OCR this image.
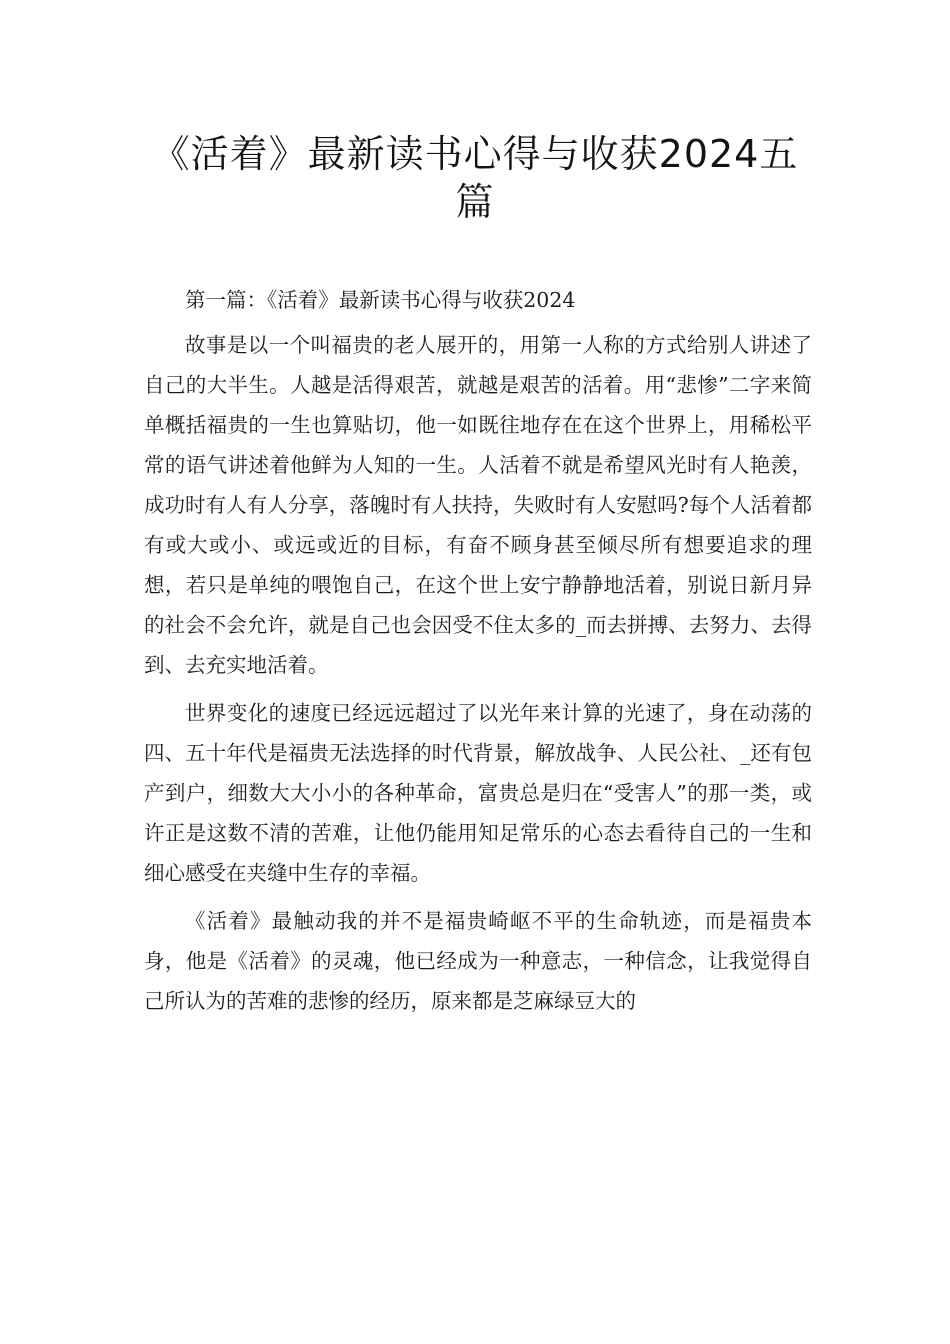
《活着》最新读书心得与收获2024五篇

第一篇：《活着》最新读书心得与收获2024

故事是以一个叫福贵的老人展开的，用第一人称的方式给别人讲述了自己的大半生。人越是活得艰苦，就越是艰苦的活着。用“悲惨”二字来简单概括福贵的一生也算贴切，他一如既往地存在在这个世界上，用稀松平常的语气讲述着他鲜为人知的一生。人活着不就是希望风光时有人艳羡，成功时有人有人分享，落魄时有人扶持，失败时有人安慰吗?每个人活着都有或大或小、或远或近的目标，有奋不顾身甚至倾尽所有想要追求的理想，若只是单纯的喂饱自己，在这个世上安宁静静地活着，别说日新月异的社会不会允许，就是自己也会因受不住太多的_而去拼搏、去努力、去得到、去充实地活着。

世界变化的速度已经远远超过了以光年来计算的光速了，身在动荡的四、五十年代是福贵无法选择的时代背景，解放战争、人民公社、_还有包产到户，细数大大小小的各种革命，富贵总是归在“受害人”的那一类，或许正是这数不清的苦难，让他仍能用知足常乐的心态去看待自己的一生和细心感受在夹缝中生存的幸福。

《活着》最触动我的并不是福贵崎岖不平的生命轨迹，而是福贵本身，他是《活着》的灵魂，他已经成为一种意志，一种信念，让我觉得自己所认为的苦难的悲惨的经历，原来都是芝麻绿豆大的
